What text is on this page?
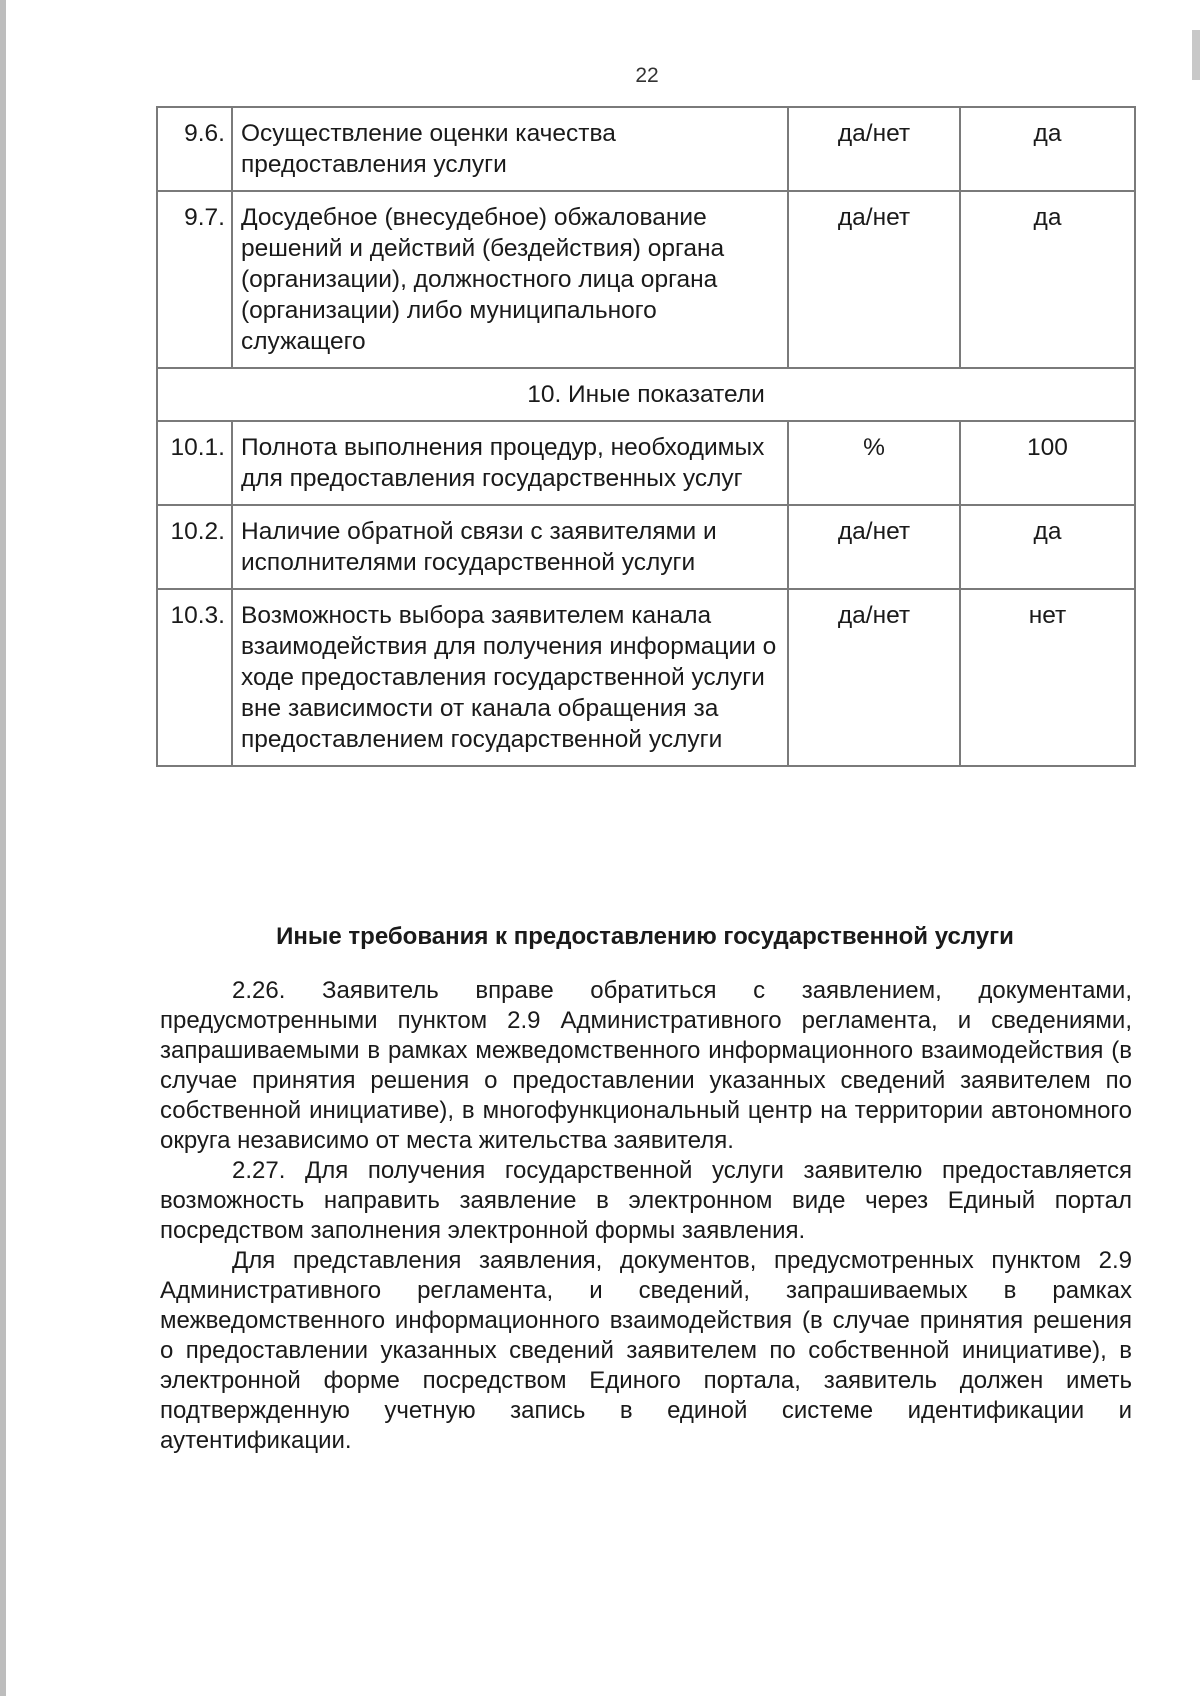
22
9.6.	Осуществление оценки качества предоставления услуги	да/нет	да
9.7.	Досудебное (внесудебное) обжалование решений и действий (бездействия) органа (организации), должностного лица органа (организации) либо муниципального служащего	да/нет	да
10. Иные показатели			
10.1.	Полнота выполнения процедур, необходимых для предоставления государственных услуг	%	100
10.2.	Наличие обратной связи с заявителями и исполнителями государственной услуги	да/нет	да
10.3.	Возможность выбора заявителем канала взаимодействия для получения информации о ходе предоставления государственной услуги вне зависимости от канала обращения за предоставлением государственной услуги	да/нет	нет
Иные требования к предоставлению государственной услуги

2.26. Заявитель вправе обратиться с заявлением, документами, предусмотренными пунктом 2.9 Административного регламента, и сведениями, запрашиваемыми в рамках межведомственного информационного взаимодействия (в случае принятия решения о предоставлении указанных сведений заявителем по собственной инициативе), в многофункциональный центр на территории автономного округа независимо от места жительства заявителя.

2.27. Для получения государственной услуги заявителю предоставляется возможность направить заявление в электронном виде через Единый портал посредством заполнения электронной формы заявления.

Для представления заявления, документов, предусмотренных пунктом 2.9 Административного регламента, и сведений, запрашиваемых в рамках межведомственного информационного взаимодействия (в случае принятия решения о предоставлении указанных сведений заявителем по собственной инициативе), в электронной форме посредством Единого портала, заявитель должен иметь подтвержденную учетную запись в единой системе идентификации и аутентификации.
